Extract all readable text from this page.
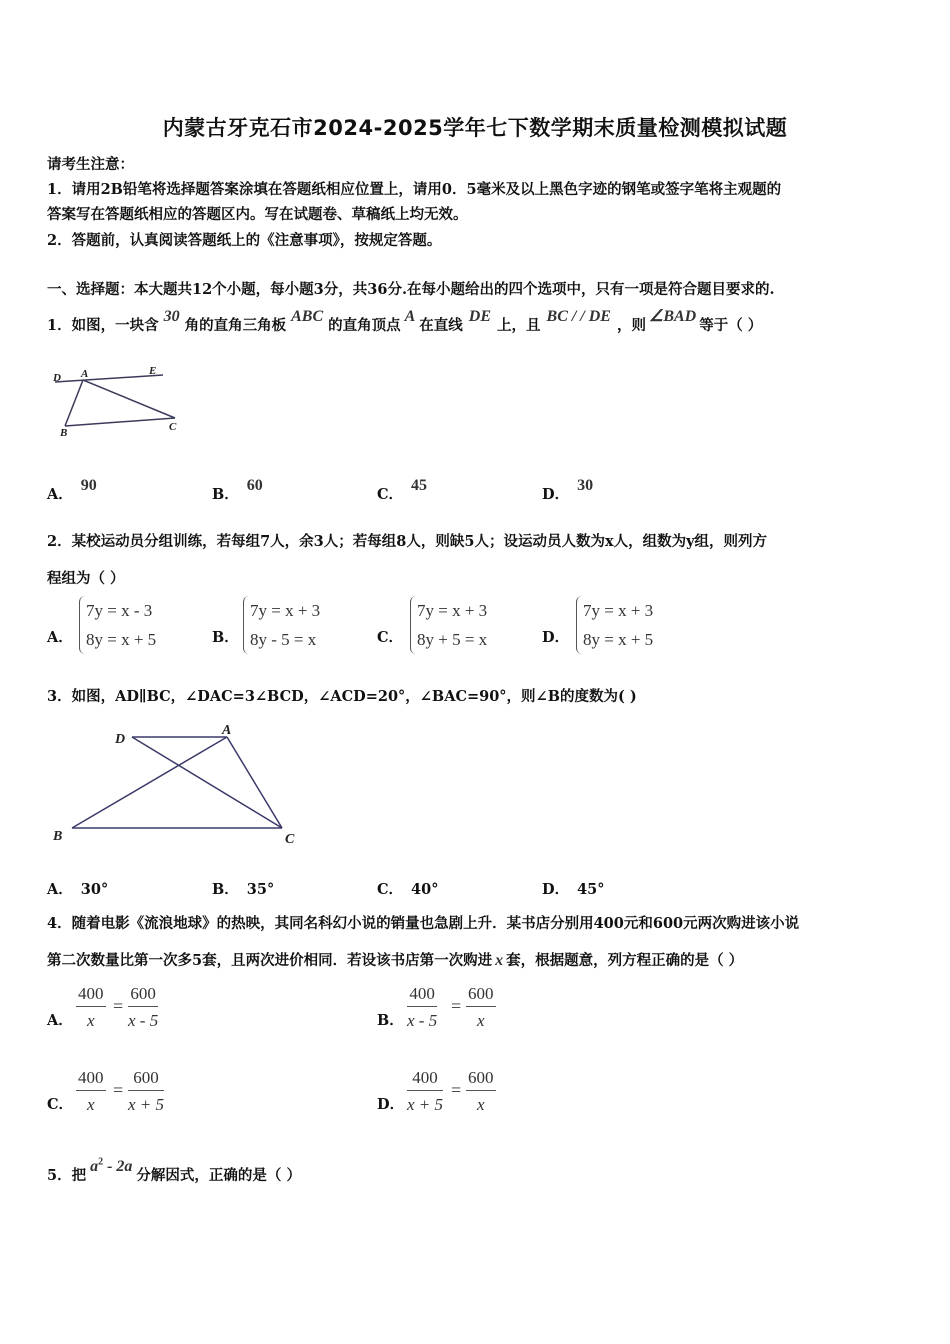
内蒙古牙克石市2024-2025学年七下数学期末质量检测模拟试题
请考生注意：
1．请用2B铅笔将选择题答案涂填在答题纸相应位置上，请用0．5毫米及以上黑色字迹的钢笔或签字笔将主观题的
答案写在答题纸相应的答题区内。写在试题卷、草稿纸上均无效。
2．答题前，认真阅读答题纸上的《注意事项》，按规定答题。
一、选择题：本大题共12个小题，每小题3分，共36分.在每小题给出的四个选项中，只有一项是符合题目要求的.
1．如图，一块含30角的直角三角板ABC的直角顶点A在直线DE上，且BC / / DE，则∠BAD等于（ ）
D A	E
B	C
A．90
B．60
C．45
D．30
2．某校运动员分组训练，若每组7人，余3人；若每组8人，则缺5人；设运动员人数为x人，组数为y组，则列方
程组为（ ）
A．
7y = x - 3
8y = x + 5	B．
7y = x + 3
8y - 5 = x	C．
7y = x + 3
8y + 5 = x	D．
7y = x + 3
8y = x + 5
3．如图，AD∥BC，∠DAC=3∠BCD，∠ACD=20°，∠BAC=90°，则∠B的度数为( )
D
A
B	C
A． 30°	B． 35°	C． 40°	D． 45°
4．随着电影《流浪地球》的热映，其同名科幻小说的销量也急剧上升．某书店分别用400元和600元两次购进该小说
第二次数量比第一次多5套，且两次进价相同．若设该书店第一次购进 x 套，根据题意，列方程正确的是（ ）
A． $\frac{400}{x} = \frac{600}{x - 5}$	B． $\frac{400}{x - 5} = \frac{600}{x}$
C． $\frac{400}{x} = \frac{600}{x + 5}$	D． $\frac{400}{x + 5} = \frac{600}{x}$
5．把$a^2 - 2a$分解因式，正确的是（ ）
